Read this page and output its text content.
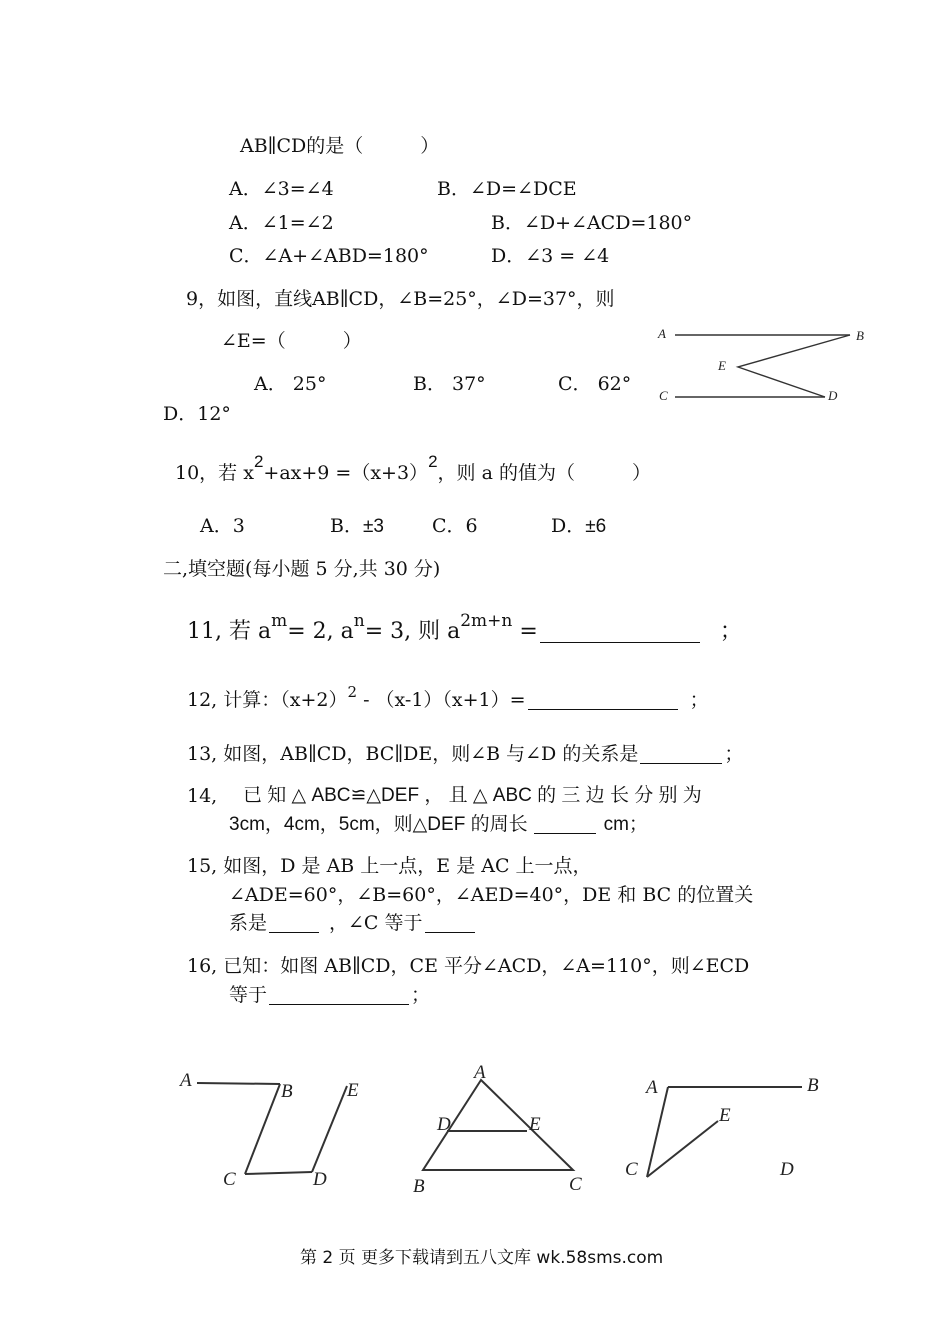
AB∥CD的是（　　　）
A．∠3=∠4	B．∠D=∠DCE
A．∠1=∠2	B．∠D+∠ACD=180°
C．∠A+∠ABD=180°	D．∠3 = ∠4
9，如图，直线AB∥CD，∠B=25°，∠D=37°，则
∠E=（　　　）
A． 25°	B． 37°	C． 62°
D．12°
A	B
E
C	D
10，若 x2+ax+9 =（x+3）2，则 a 的值为（　　　）
A．3	B．±3	C．6	D．±6
二,填空题(每小题 5 分,共 30 分)
11, 若 $a^m= 2$, $a^n= 3$, 则 $a^{2m+n}$ =	；
12, 计算：$(x+2)^2 - (x-1)(x+1)=$	；
13, 如图，AB∥CD，BC∥DE，则∠B 与∠D 的关系是	；
14, 已 知 △ ABC≌△DEF ， 且 △ ABC 的 三 边 长 分 别 为
3cm，4cm，5cm，则△DEF 的周长	cm；
15, 如图，D 是 AB 上一点，E 是 AC 上一点，
∠ADE=60°，∠B=60°，∠AED=40°，DE 和 BC 的位置关
系是	，∠C 等于
16, 已知：如图 AB∥CD，CE 平分∠ACD，∠A=110°，则∠ECD
等于	；
A
B	E
C	D
A
D	E
B	C
A	B
E
C	D
第 2 页 更多下载请到五八文库 wk.58sms.com
